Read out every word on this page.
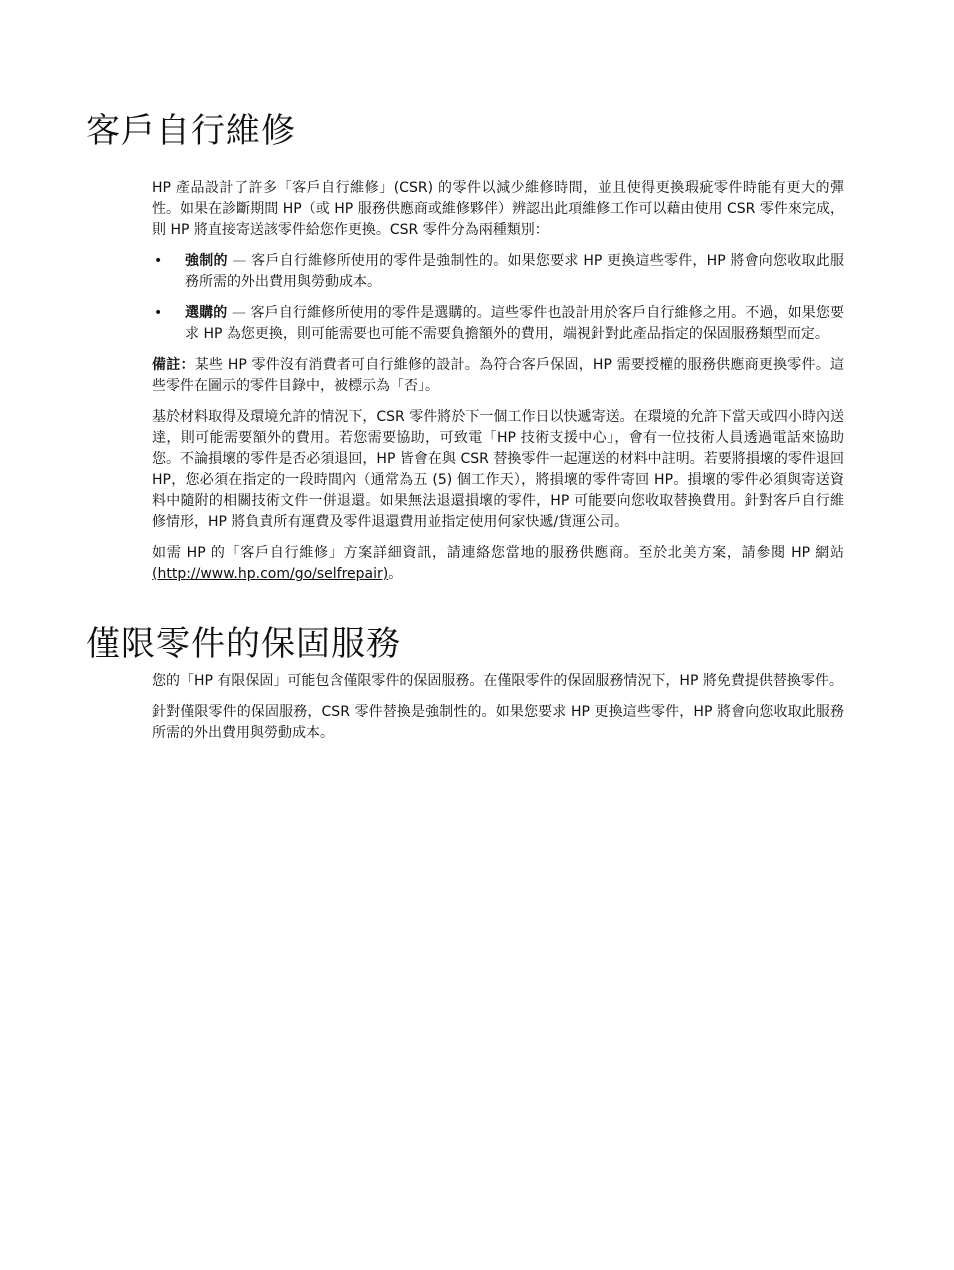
客戶自行維修

HP 產品設計了許多「客戶自行維修」(CSR) 的零件以減少維修時間，並且使得更換瑕疵零件時能有更大的彈性。如果在診斷期間 HP（或 HP 服務供應商或維修夥伴）辨認出此項維修工作可以藉由使用 CSR 零件來完成，則 HP 將直接寄送該零件給您作更換。CSR 零件分為兩種類別：

• 強制的 — 客戶自行維修所使用的零件是強制性的。如果您要求 HP 更換這些零件，HP 將會向您收取此服務所需的外出費用與勞動成本。
• 選購的 — 客戶自行維修所使用的零件是選購的。這些零件也設計用於客戶自行維修之用。不過，如果您要求 HP 為您更換，則可能需要也可能不需要負擔額外的費用，端視針對此產品指定的保固服務類型而定。

備註：某些 HP 零件沒有消費者可自行維修的設計。為符合客戶保固，HP 需要授權的服務供應商更換零件。這些零件在圖示的零件目錄中，被標示為「否」。

基於材料取得及環境允許的情況下，CSR 零件將於下一個工作日以快遞寄送。在環境的允許下當天或四小時內送達，則可能需要額外的費用。若您需要協助，可致電「HP 技術支援中心」，會有一位技術人員透過電話來協助您。不論損壞的零件是否必須退回，HP 皆會在與 CSR 替換零件一起運送的材料中註明。若要將損壞的零件退回 HP，您必須在指定的一段時間內（通常為五 (5) 個工作天），將損壞的零件寄回 HP。損壞的零件必須與寄送資料中隨附的相關技術文件一併退還。如果無法退還損壞的零件，HP 可能要向您收取替換費用。針對客戶自行維修情形，HP 將負責所有運費及零件退還費用並指定使用何家快遞/貨運公司。

如需 HP 的「客戶自行維修」方案詳細資訊，請連絡您當地的服務供應商。至於北美方案，請參閱 HP 網站 (http://www.hp.com/go/selfrepair)。

僅限零件的保固服務

您的「HP 有限保固」可能包含僅限零件的保固服務。在僅限零件的保固服務情況下，HP 將免費提供替換零件。

針對僅限零件的保固服務，CSR 零件替換是強制性的。如果您要求 HP 更換這些零件，HP 將會向您收取此服務所需的外出費用與勞動成本。
